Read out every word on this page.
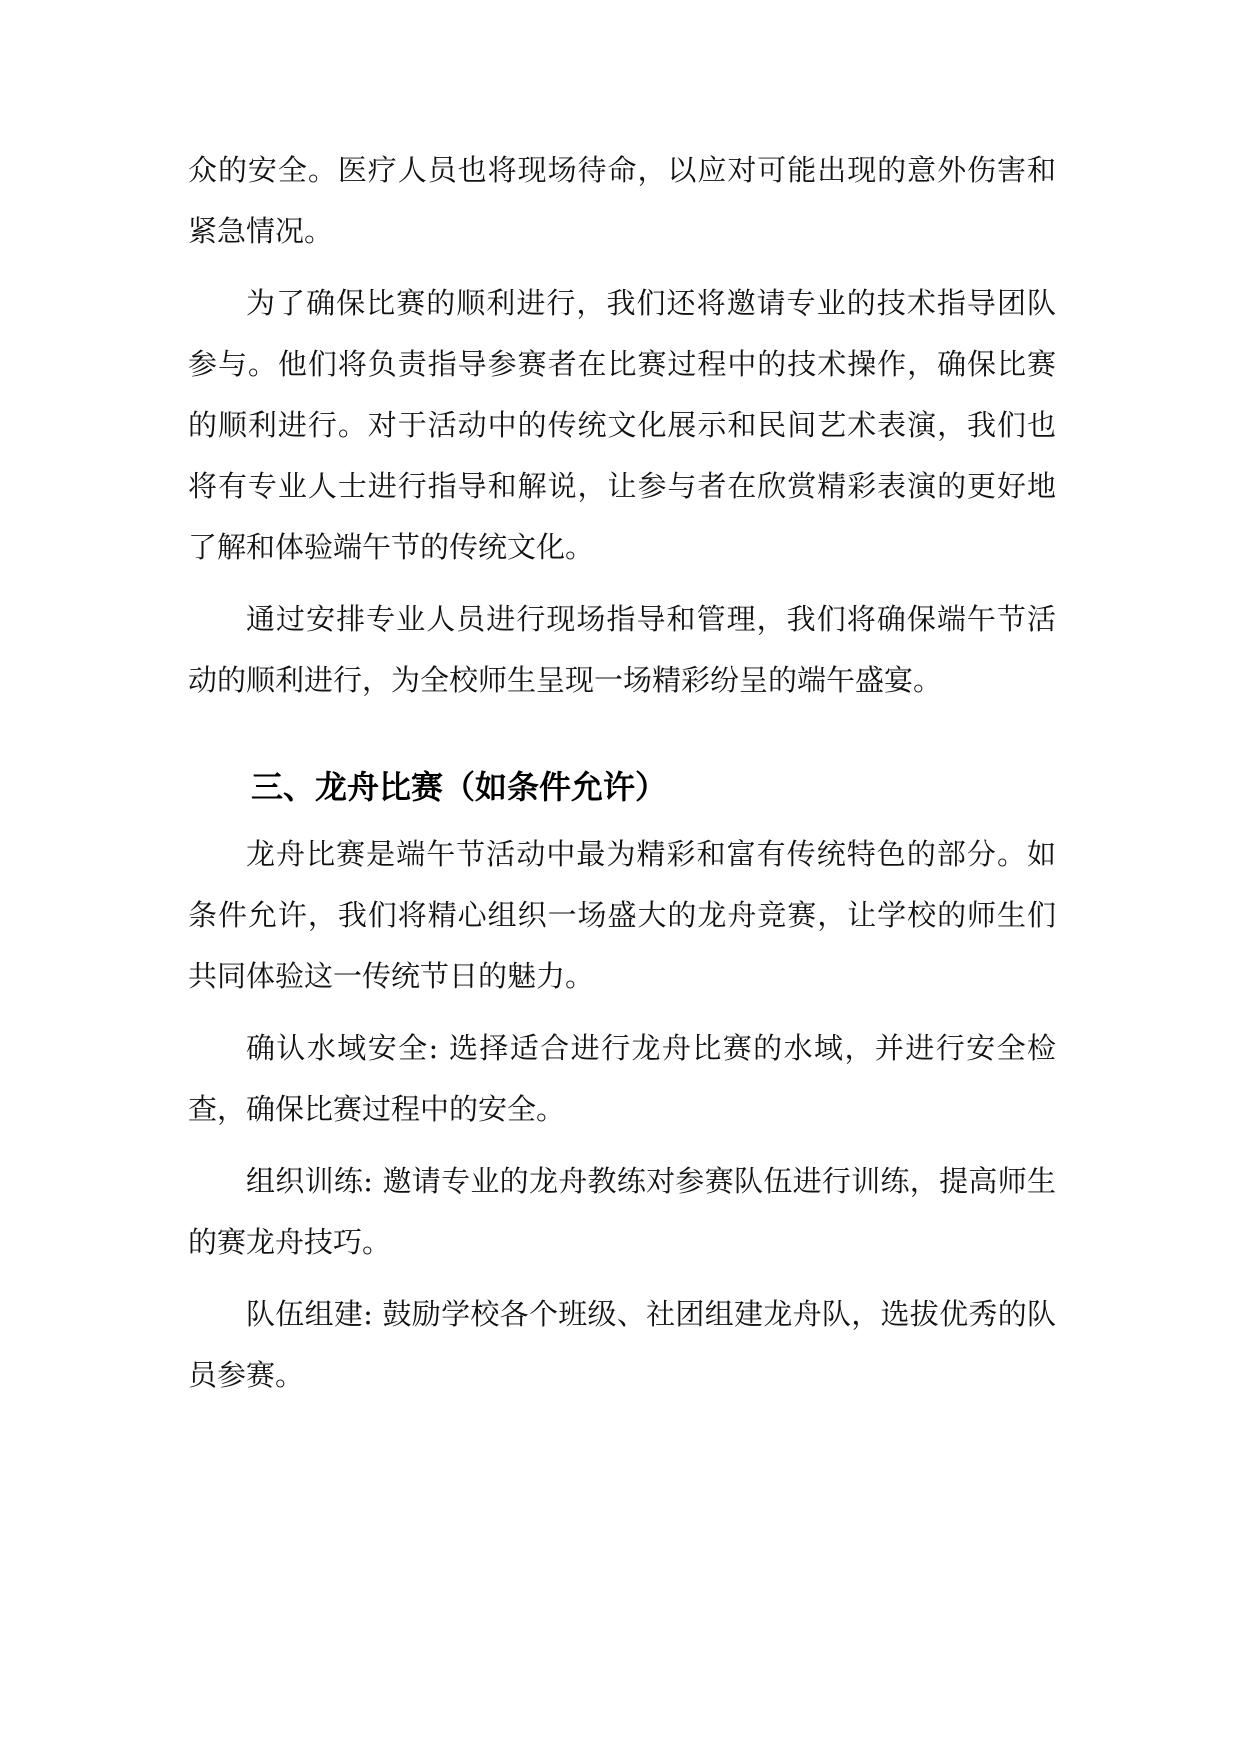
众的安全。医疗人员也将现场待命，以应对可能出现的意外伤害和紧急情况。

为了确保比赛的顺利进行，我们还将邀请专业的技术指导团队参与。他们将负责指导参赛者在比赛过程中的技术操作，确保比赛的顺利进行。对于活动中的传统文化展示和民间艺术表演，我们也将有专业人士进行指导和解说，让参与者在欣赏精彩表演的更好地了解和体验端午节的传统文化。

通过安排专业人员进行现场指导和管理，我们将确保端午节活动的顺利进行，为全校师生呈现一场精彩纷呈的端午盛宴。

三、龙舟比赛（如条件允许）

龙舟比赛是端午节活动中最为精彩和富有传统特色的部分。如条件允许，我们将精心组织一场盛大的龙舟竞赛，让学校的师生们共同体验这一传统节日的魅力。

确认水域安全: 选择适合进行龙舟比赛的水域，并进行安全检查，确保比赛过程中的安全。

组织训练: 邀请专业的龙舟教练对参赛队伍进行训练，提高师生的赛龙舟技巧。

队伍组建: 鼓励学校各个班级、社团组建龙舟队，选拔优秀的队员参赛。
